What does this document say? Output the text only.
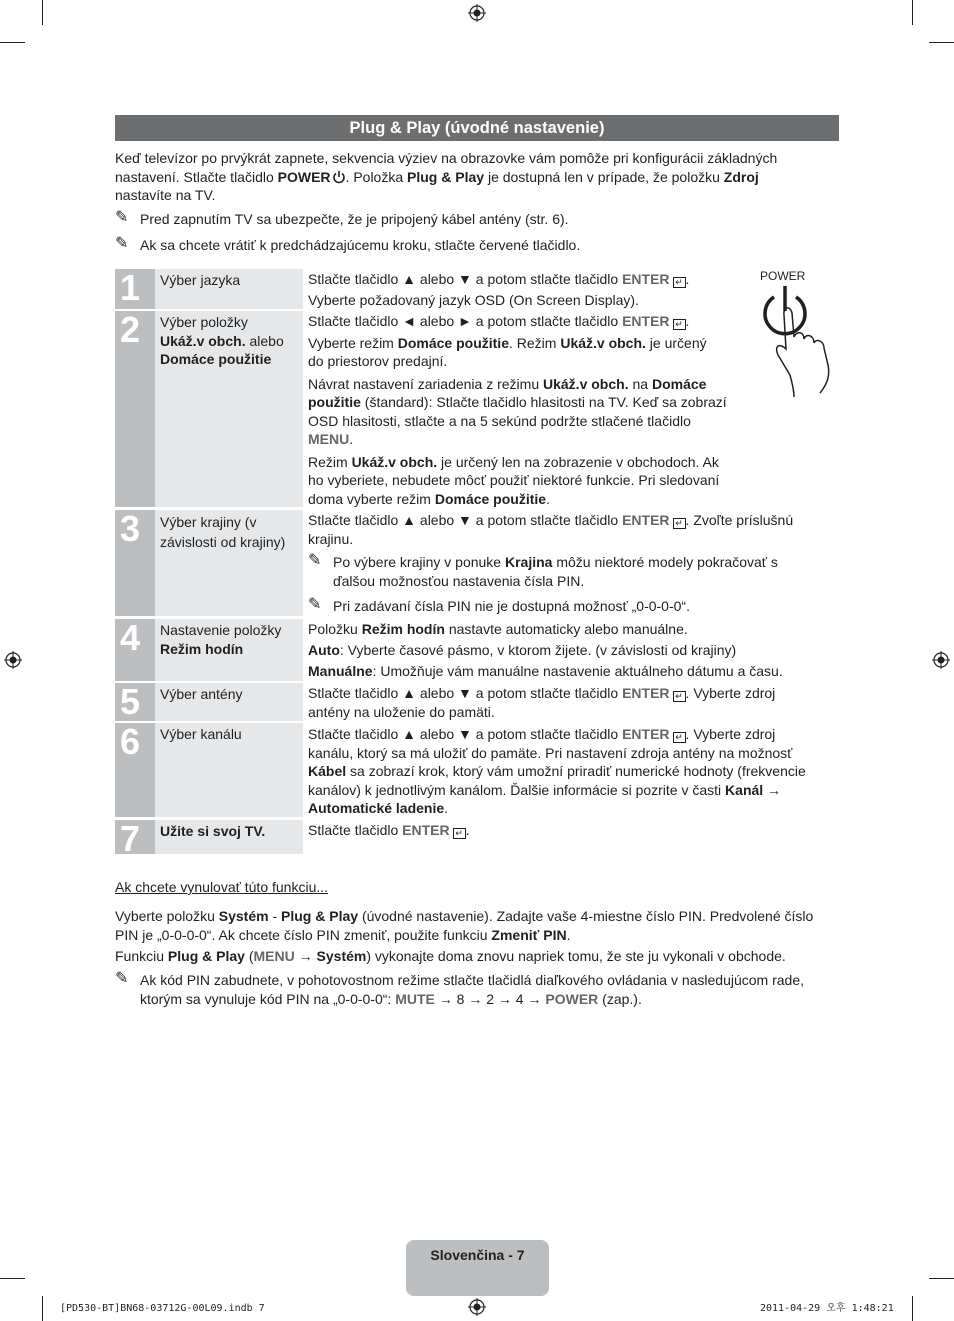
Plug & Play (úvodné nastavenie)
Keď televízor po prvýkrát zapnete, sekvencia výziev na obrazovke vám pomôže pri konfigurácii základných
nastavení. Stlačte tlačidlo POWER . Položka Plug & Play je dostupná len v prípade, že položku Zdroj
nastavíte na TV.
✎ Pred zapnutím TV sa ubezpečte, že je pripojený kábel antény (str. 6).
✎ Ak sa chcete vrátiť k predchádzajúcemu kroku, stlačte červené tlačidlo.
POWER
1
2
3
4
5
6
7
Výber jazyka
Výber položky
Ukáž.v obch. alebo
Domáce použitie
Výber krajiny (v závislosti od krajiny)
Nastavenie položky
Režim hodín
Výber antény
Výber kanálu
Užite si svoj TV.
Stlačte tlačidlo ▲ alebo ▼ a potom stlačte tlačidlo ENTER ↵ .
Vyberte požadovaný jazyk OSD (On Screen Display).
Stlačte tlačidlo ◄ alebo ► a potom stlačte tlačidlo ENTER ↵ .
Vyberte režim Domáce použitie. Režim Ukáž.v obch. je určený
do priestorov predajní.
Návrat nastavení zariadenia z režimu Ukáž.v obch. na Domáce
použitie (štandard): Stlačte tlačidlo hlasitosti na TV. Keď sa zobrazí
OSD hlasitosti, stlačte a na 5 sekúnd podržte stlačené tlačidlo
MENU.
Režim Ukáž.v obch. je určený len na zobrazenie v obchodoch. Ak
ho vyberiete, nebudete môcť použiť niektoré funkcie. Pri sledovaní
doma vyberte režim Domáce použitie.
Stlačte tlačidlo ▲ alebo ▼ a potom stlačte tlačidlo ENTER ↵ . Zvoľte príslušnú
krajinu.
✎ Po výbere krajiny v ponuke Krajina môžu niektoré modely pokračovať s
ďalšou možnosťou nastavenia čísla PIN.
✎ Pri zadávaní čísla PIN nie je dostupná možnosť „0-0-0-0“.
Položku Režim hodín nastavte automaticky alebo manuálne.
Auto: Vyberte časové pásmo, v ktorom žijete. (v závislosti od krajiny)
Manuálne: Umožňuje vám manuálne nastavenie aktuálneho dátumu a času.
Stlačte tlačidlo ▲ alebo ▼ a potom stlačte tlačidlo ENTER ↵ . Vyberte zdroj
antény na uloženie do pamäti.
Stlačte tlačidlo ▲ alebo ▼ a potom stlačte tlačidlo ENTER ↵ . Vyberte zdroj
kanálu, ktorý sa má uložiť do pamäte. Pri nastavení zdroja antény na možnosť
Kábel sa zobrazí krok, ktorý vám umožní priradiť numerické hodnoty (frekvencie
kanálov) k jednotlivým kanálom. Ďalšie informácie si pozrite v časti Kanál →
Automatické ladenie.
Stlačte tlačidlo ENTER ↵ .
Ak chcete vynulovať túto funkciu...
Vyberte položku Systém - Plug & Play (úvodné nastavenie). Zadajte vaše 4-miestne číslo PIN. Predvolené číslo
PIN je „0-0-0-0“. Ak chcete číslo PIN zmeniť, použite funkciu Zmeniť PIN.
Funkciu Plug & Play (MENU → Systém) vykonajte doma znovu napriek tomu, že ste ju vykonali v obchode.
✎ Ak kód PIN zabudnete, v pohotovostnom režime stlačte tlačidlá diaľkového ovládania v nasledujúcom rade,
ktorým sa vynuluje kód PIN na „0-0-0-0“: MUTE → 8 → 2 → 4 → POWER (zap.).
Slovenčina - 7
[PD530-BT]BN68-03712G-00L09.indb 7	2011-04-29 오후 1:48:21
